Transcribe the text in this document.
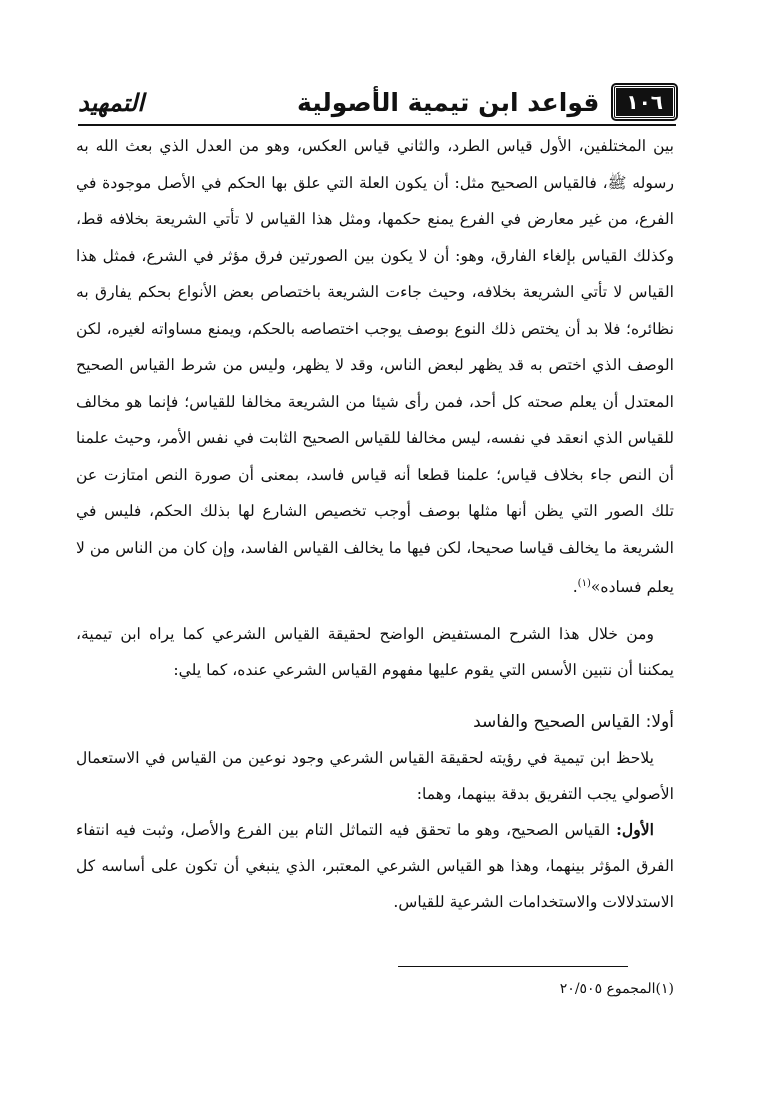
١٠٦
قواعد ابن تيمية الأصولية
التمهيد

بين المختلفين، الأول قياس الطرد، والثاني قياس العكس، وهو من العدل الذي بعث الله به رسوله ﷺ، فالقياس الصحيح مثل: أن يكون العلة التي علق بها الحكم في الأصل موجودة في الفرع، من غير معارض في الفرع يمنع حكمها، ومثل هذا القياس لا تأتي الشريعة بخلافه قط، وكذلك القياس بإلغاء الفارق، وهو: أن لا يكون بين الصورتين فرق مؤثر في الشرع، فمثل هذا القياس لا تأتي الشريعة بخلافه، وحيث جاءت الشريعة باختصاص بعض الأنواع بحكم يفارق به نظائره؛ فلا بد أن يختص ذلك النوع بوصف يوجب اختصاصه بالحكم، ويمنع مساواته لغيره، لكن الوصف الذي اختص به قد يظهر لبعض الناس، وقد لا يظهر، وليس من شرط القياس الصحيح المعتدل أن يعلم صحته كل أحد، فمن رأى شيئا من الشريعة مخالفا للقياس؛ فإنما هو مخالف للقياس الذي انعقد في نفسه، ليس مخالفا للقياس الصحيح الثابت في نفس الأمر، وحيث علمنا أن النص جاء بخلاف قياس؛ علمنا قطعا أنه قياس فاسد، بمعنى أن صورة النص امتازت عن تلك الصور التي يظن أنها مثلها بوصف أوجب تخصيص الشارع لها بذلك الحكم، فليس في الشريعة ما يخالف قياسا صحيحا، لكن فيها ما يخالف القياس الفاسد، وإن كان من الناس من لا يعلم فساده»$^{(١)}$.

ومن خلال هذا الشرح المستفيض الواضح لحقيقة القياس الشرعي كما يراه ابن تيمية، يمكننا أن نتبين الأسس التي يقوم عليها مفهوم القياس الشرعي عنده، كما يلي:

أولا: القياس الصحيح والفاسد

يلاحظ ابن تيمية في رؤيته لحقيقة القياس الشرعي وجود نوعين من القياس في الاستعمال الأصولي يجب التفريق بدقة بينهما، وهما:

الأول: القياس الصحيح، وهو ما تحقق فيه التماثل التام بين الفرع والأصل، وثبت فيه انتفاء الفرق المؤثر بينهما، وهذا هو القياس الشرعي المعتبر، الذي ينبغي أن تكون على أساسه كل الاستدلالات والاستخدامات الشرعية للقياس.

(١)المجموع ٢٠/٥٠٥
